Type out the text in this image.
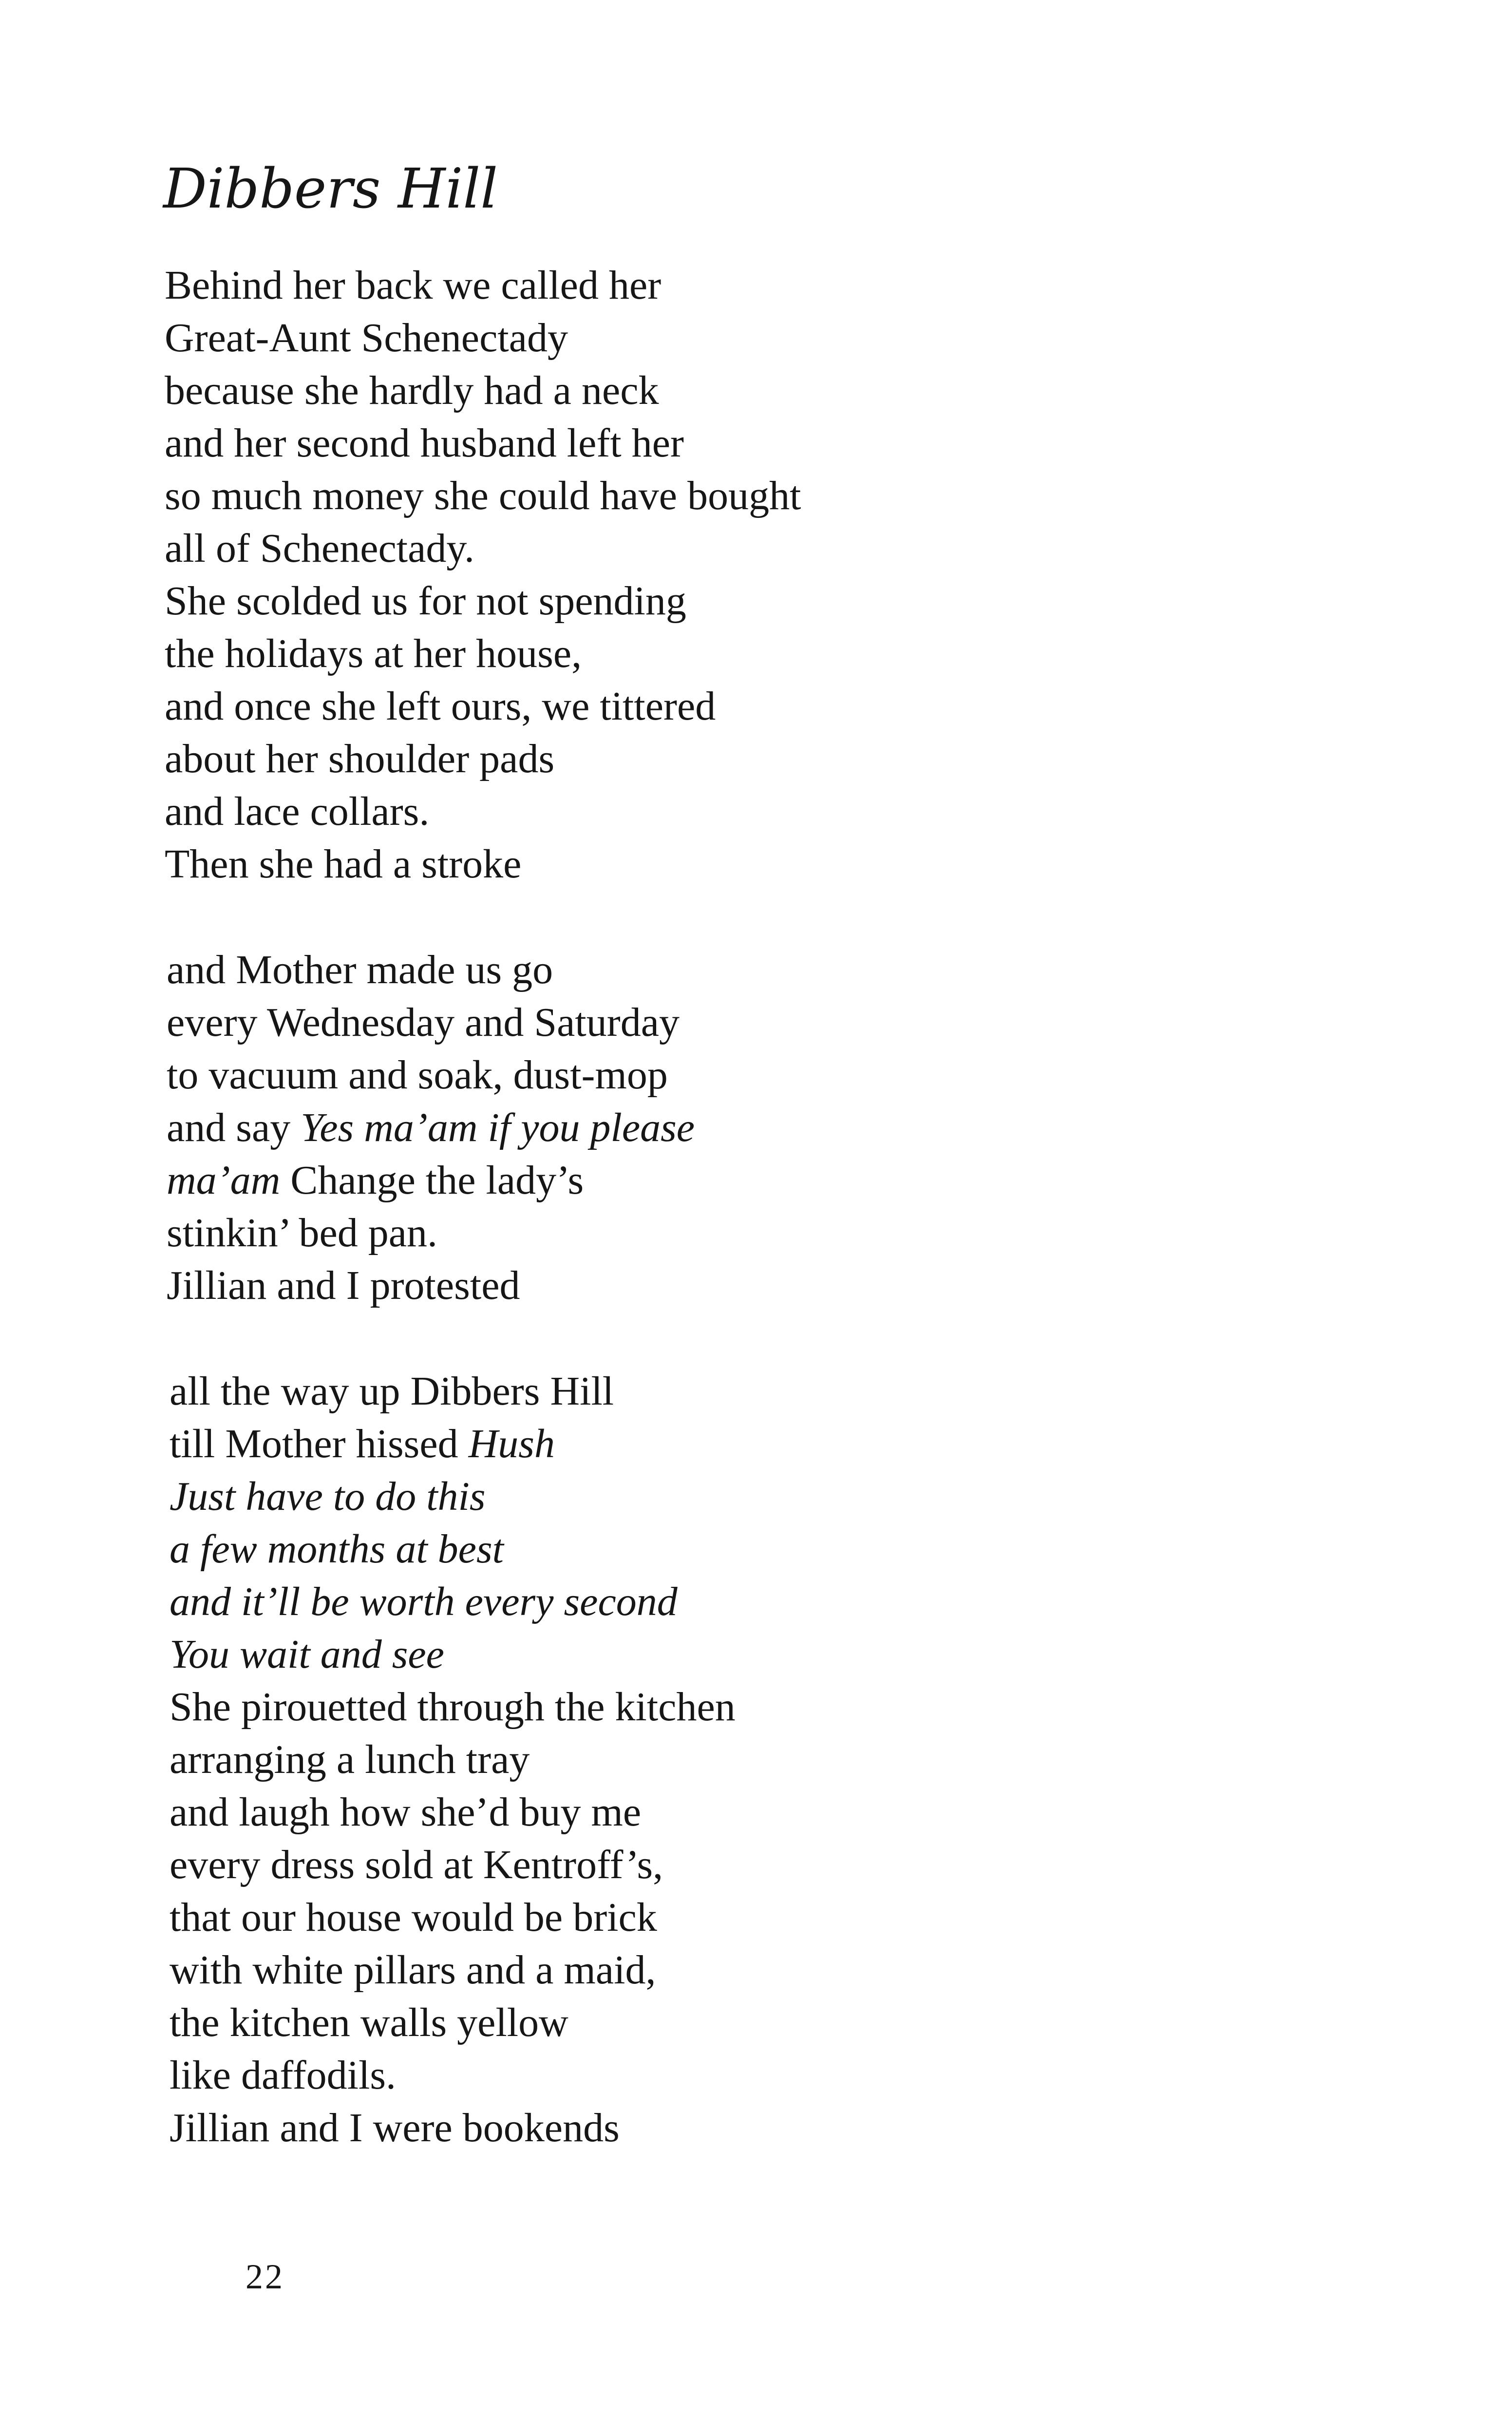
Dibbers Hill
Behind her back we called her
Great-Aunt Schenectady
because she hardly had a neck
and her second husband left her
so much money she could have bought
all of Schenectady.
She scolded us for not spending
the holidays at her house,
and once she left ours, we tittered
about her shoulder pads
and lace collars.
Then she had a stroke
and Mother made us go
every Wednesday and Saturday
to vacuum and soak, dust-mop
and say Yes ma’am if you please
ma’am Change the lady’s
stinkin’ bed pan.
Jillian and I protested
all the way up Dibbers Hill
till Mother hissed Hush
Just have to do this
a few months at best
and it’ll be worth every second
You wait and see
She pirouetted through the kitchen
arranging a lunch tray
and laugh how she’d buy me
every dress sold at Kentroff’s,
that our house would be brick
with white pillars and a maid,
the kitchen walls yellow
like daffodils.
Jillian and I were bookends
22
